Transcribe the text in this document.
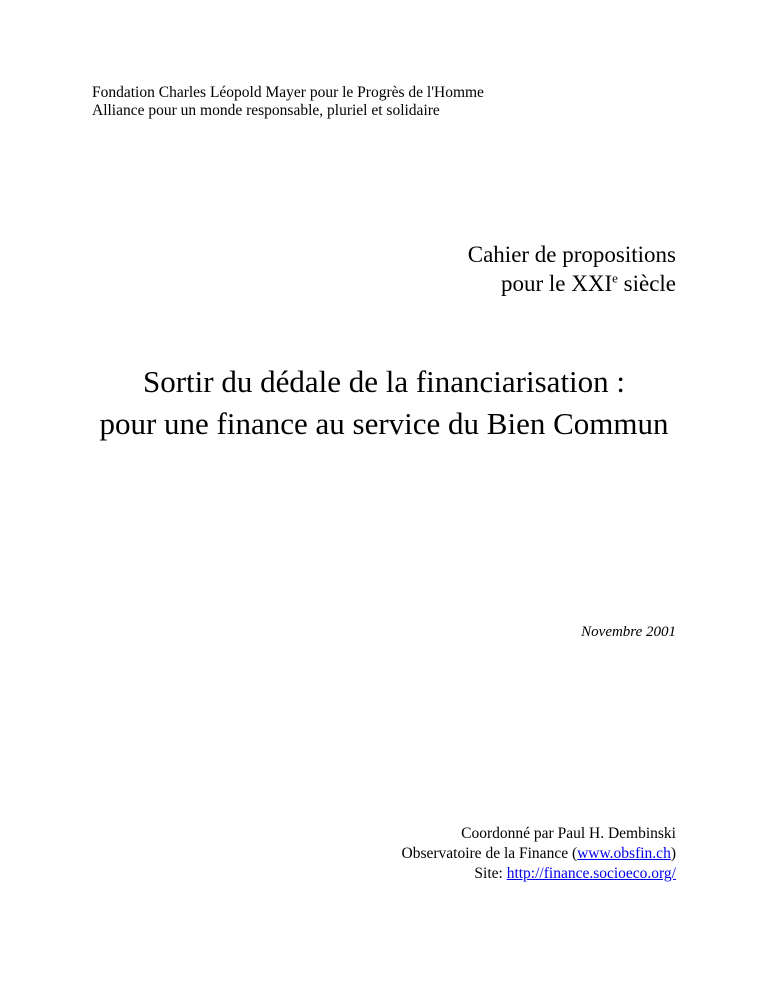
Fondation Charles Léopold Mayer pour le Progrès de l'Homme
Alliance pour un monde responsable, pluriel et solidaire
Cahier de propositions
pour le XXIe siècle
Sortir du dédale de la financiarisation :
pour une finance au service du Bien Commun
Novembre 2001
Coordonné par Paul H. Dembinski
Observatoire de la Finance (www.obsfin.ch)
Site: http://finance.socioeco.org/
